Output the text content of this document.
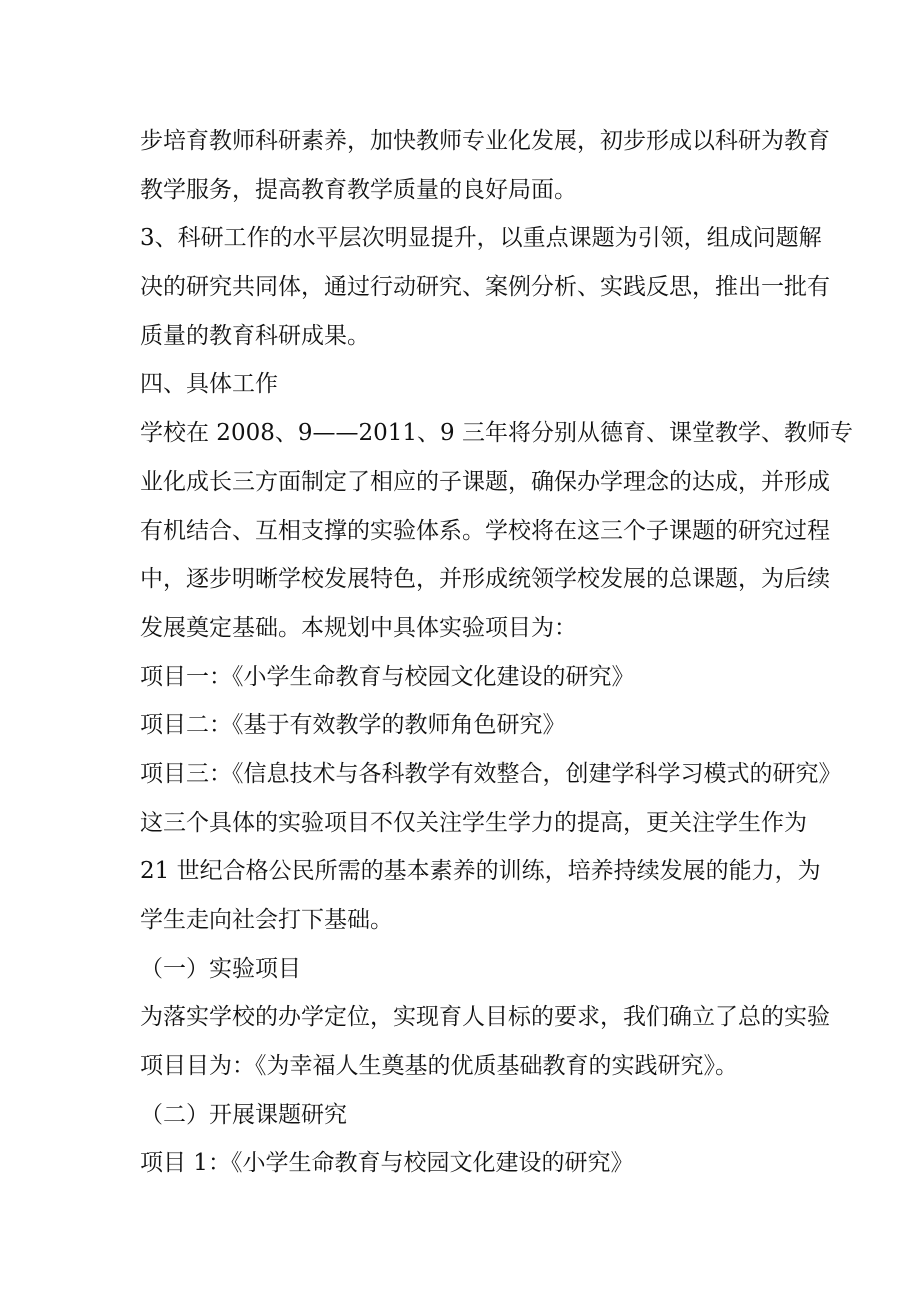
步培育教师科研素养，加快教师专业化发展，初步形成以科研为教育
教学服务，提高教育教学质量的良好局面。
3、科研工作的水平层次明显提升，以重点课题为引领，组成问题解
决的研究共同体，通过行动研究、案例分析、实践反思，推出一批有
质量的教育科研成果。
四、具体工作
学校在 2008、9——2011、9 三年将分别从德育、课堂教学、教师专
业化成长三方面制定了相应的子课题，确保办学理念的达成，并形成
有机结合、互相支撑的实验体系。学校将在这三个子课题的研究过程
中，逐步明晰学校发展特色，并形成统领学校发展的总课题，为后续
发展奠定基础。本规划中具体实验项目为：
项目一：《小学生命教育与校园文化建设的研究》
项目二：《基于有效教学的教师角色研究》
项目三：《信息技术与各科教学有效整合，创建学科学习模式的研究》
这三个具体的实验项目不仅关注学生学力的提高，更关注学生作为
21 世纪合格公民所需的基本素养的训练，培养持续发展的能力，为
学生走向社会打下基础。
（一）实验项目
为落实学校的办学定位，实现育人目标的要求，我们确立了总的实验
项目目为：《为幸福人生奠基的优质基础教育的实践研究》。
（二）开展课题研究
项目 1：《小学生命教育与校园文化建设的研究》
